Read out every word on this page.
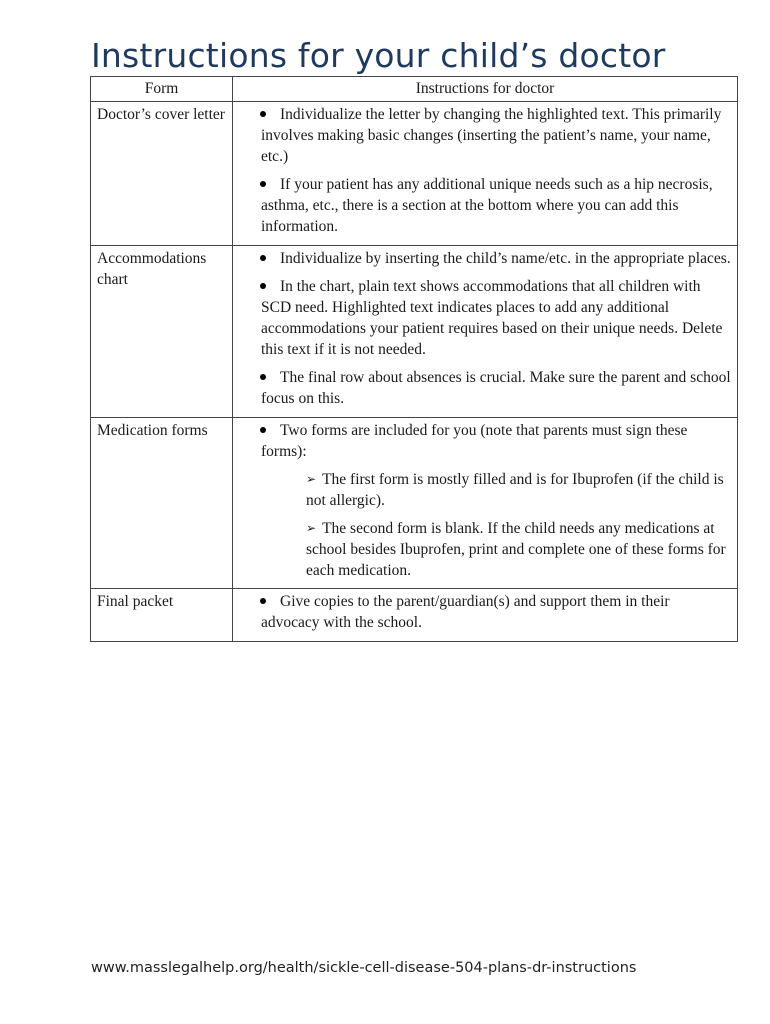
Instructions for your child’s doctor
Form	Instructions for doctor
Doctor’s cover letter	Individualize the letter by changing the highlighted text. This primarily involves making basic changes (inserting the patient’s name, your name, etc.)
If your patient has any additional unique needs such as a hip necrosis, asthma, etc., there is a section at the bottom where you can add this information.

Accommodations chart	Individualize by inserting the child’s name/etc. in the appropriate places.
In the chart, plain text shows accommodations that all children with SCD need. Highlighted text indicates places to add any additional accommodations your patient requires based on their unique needs. Delete this text if it is not needed.
The final row about absences is crucial. Make sure the parent and school focus on this.

Medication forms	Two forms are included for you (note that parents must sign these forms):
➢ The first form is mostly filled and is for Ibuprofen (if the child is not allergic).
➢ The second form is blank. If the child needs any medications at school besides Ibuprofen, print and complete one of these forms for each medication.

Final packet	Give copies to the parent/guardian(s) and support them in their advocacy with the school.
www.masslegalhelp.org/health/sickle-cell-disease-504-plans-dr-instructions
